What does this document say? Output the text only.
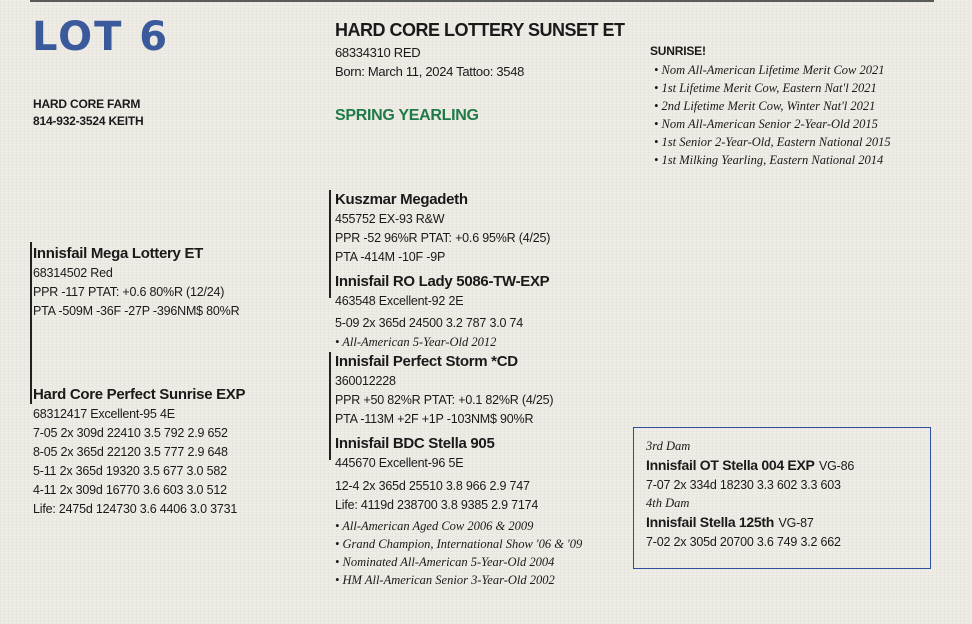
LOT 6
HARD CORE FARM
814-932-3524 KEITH
HARD CORE LOTTERY SUNSET ET
68334310 RED
Born: March 11, 2024 Tattoo: 3548
SPRING YEARLING
SUNRISE!
• Nom All-American Lifetime Merit Cow 2021
• 1st Lifetime Merit Cow, Eastern Nat'l 2021
• 2nd Lifetime Merit Cow, Winter Nat'l 2021
• Nom All-American Senior 2-Year-Old 2015
• 1st Senior 2-Year-Old, Eastern National 2015
• 1st Milking Yearling, Eastern National 2014
Innisfail Mega Lottery ET
68314502 Red
PPR -117 PTAT: +0.6 80%R (12/24)
PTA -509M -36F -27P -396NM$ 80%R
Hard Core Perfect Sunrise EXP
68312417 Excellent-95 4E
7-05 2x 309d 22410 3.5 792 2.9 652
8-05 2x 365d 22120 3.5 777 2.9 648
5-11 2x 365d 19320 3.5 677 3.0 582
4-11 2x 309d 16770 3.6 603 3.0 512
Life: 2475d 124730 3.6 4406 3.0 3731
Kuszmar Megadeth
455752 EX-93 R&W
PPR -52 96%R PTAT: +0.6 95%R (4/25)
PTA -414M -10F -9P
Innisfail RO Lady 5086-TW-EXP
463548 Excellent-92 2E
5-09 2x 365d 24500 3.2 787 3.0 74
• All-American 5-Year-Old 2012
Innisfail Perfect Storm *CD
360012228
PPR +50 82%R PTAT: +0.1 82%R (4/25)
PTA -113M +2F +1P -103NM$ 90%R
Innisfail BDC Stella 905
445670 Excellent-96 5E
12-4 2x 365d 25510 3.8 966 2.9 747
Life: 4119d 238700 3.8 9385 2.9 7174
• All-American Aged Cow 2006 & 2009
• Grand Champion, International Show '06 & '09
• Nominated All-American 5-Year-Old 2004
• HM All-American Senior 3-Year-Old 2002
3rd Dam
Innisfail OT Stella 004 EXP VG-86
7-07 2x 334d 18230 3.3 602 3.3 603
4th Dam
Innisfail Stella 125th VG-87
7-02 2x 305d 20700 3.6 749 3.2 662
